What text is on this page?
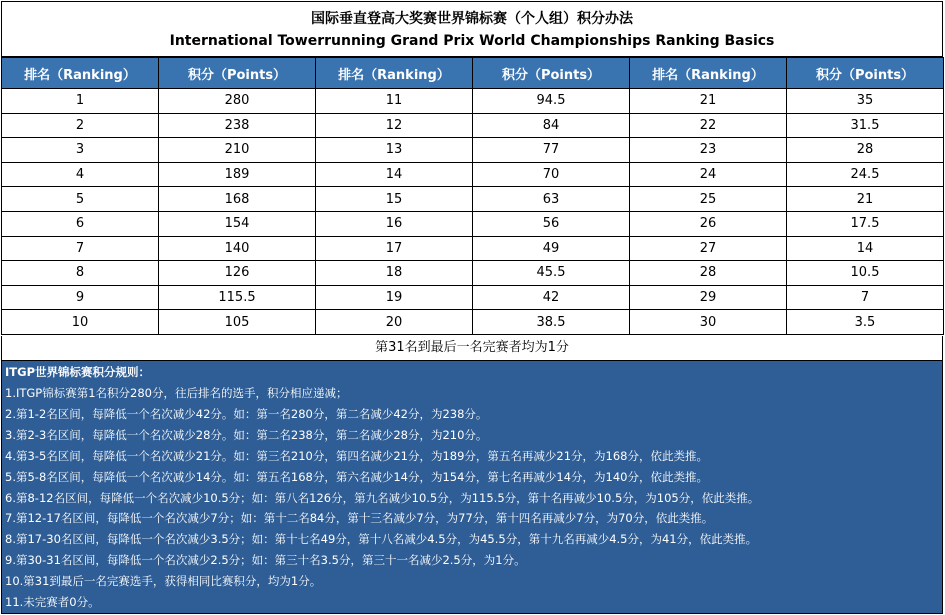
国际垂直登高大奖赛世界锦标赛（个人组）积分办法
International Towerrunning Grand Prix World Championships Ranking Basics
排名（Ranking）	积分（Points）	排名（Ranking）	积分（Points）	排名（Ranking）	积分（Points）
1	280	11	94.5	21	35
2	238	12	84	22	31.5
3	210	13	77	23	28
4	189	14	70	24	24.5
5	168	15	63	25	21
6	154	16	56	26	17.5
7	140	17	49	27	14
8	126	18	45.5	28	10.5
9	115.5	19	42	29	7
10	105	20	38.5	30	3.5
第31名到最后一名完赛者均为1分
ITGP世界锦标赛积分规则：
1.ITGP锦标赛第1名积分280分，往后排名的选手，积分相应递减；
2.第1-2名区间，每降低一个名次减少42分。如：第一名280分，第二名减少42分，为238分。
3.第2-3名区间，每降低一个名次减少28分。如：第二名238分，第二名减少28分，为210分。
4.第3-5名区间，每降低一个名次减少21分。如：第三名210分，第四名减少21分，为189分，第五名再减少21分，为168分，依此类推。
5.第5-8名区间，每降低一个名次减少14分。如：第五名168分，第六名减少14分，为154分，第七名再减少14分，为140分，依此类推。
6.第8-12名区间，每降低一个名次减少10.5分；如：第八名126分，第九名减少10.5分，为115.5分，第十名再减少10.5分，为105分，依此类推。
7.第12-17名区间，每降低一个名次减少7分；如：第十二名84分，第十三名减少7分，为77分，第十四名再减少7分，为70分，依此类推。
8.第17-30名区间，每降低一个名次减少3.5分；如：第十七名49分，第十八名减少4.5分，为45.5分，第十九名再减少4.5分，为41分，依此类推。
9.第30-31名区间，每降低一个名次减少2.5分；如：第三十名3.5分，第三十一名减少2.5分，为1分。
10.第31到最后一名完赛选手，获得相同比赛积分，均为1分。
11.未完赛者0分。
